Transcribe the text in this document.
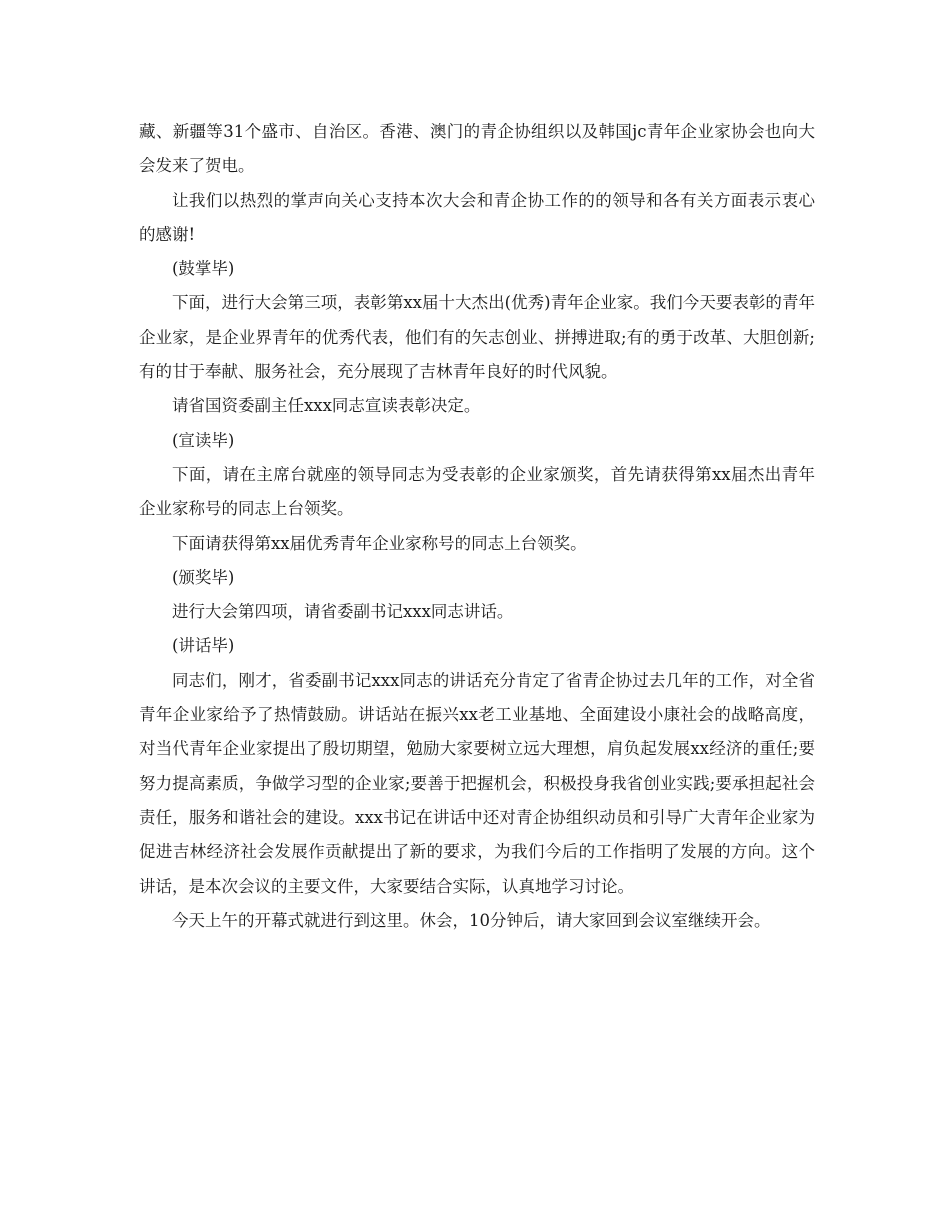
藏、新疆等31个盛市、自治区。香港、澳门的青企协组织以及韩国jc青年企业家协会也向大会发来了贺电。

让我们以热烈的掌声向关心支持本次大会和青企协工作的的领导和各有关方面表示衷心的感谢!

(鼓掌毕)

下面，进行大会第三项，表彰第xx届十大杰出(优秀)青年企业家。我们今天要表彰的青年企业家，是企业界青年的优秀代表，他们有的矢志创业、拼搏进取;有的勇于改革、大胆创新;有的甘于奉献、服务社会，充分展现了吉林青年良好的时代风貌。

请省国资委副主任xxx同志宣读表彰决定。

(宣读毕)

下面，请在主席台就座的领导同志为受表彰的企业家颁奖，首先请获得第xx届杰出青年企业家称号的同志上台领奖。

下面请获得第xx届优秀青年企业家称号的同志上台领奖。

(颁奖毕)

进行大会第四项，请省委副书记xxx同志讲话。

(讲话毕)

同志们，刚才，省委副书记xxx同志的讲话充分肯定了省青企协过去几年的工作，对全省青年企业家给予了热情鼓励。讲话站在振兴xx老工业基地、全面建设小康社会的战略高度，对当代青年企业家提出了殷切期望，勉励大家要树立远大理想，肩负起发展xx经济的重任;要努力提高素质，争做学习型的企业家;要善于把握机会，积极投身我省创业实践;要承担起社会责任，服务和谐社会的建设。xxx书记在讲话中还对青企协组织动员和引导广大青年企业家为促进吉林经济社会发展作贡献提出了新的要求，为我们今后的工作指明了发展的方向。这个讲话，是本次会议的主要文件，大家要结合实际，认真地学习讨论。

今天上午的开幕式就进行到这里。休会，10分钟后，请大家回到会议室继续开会。
